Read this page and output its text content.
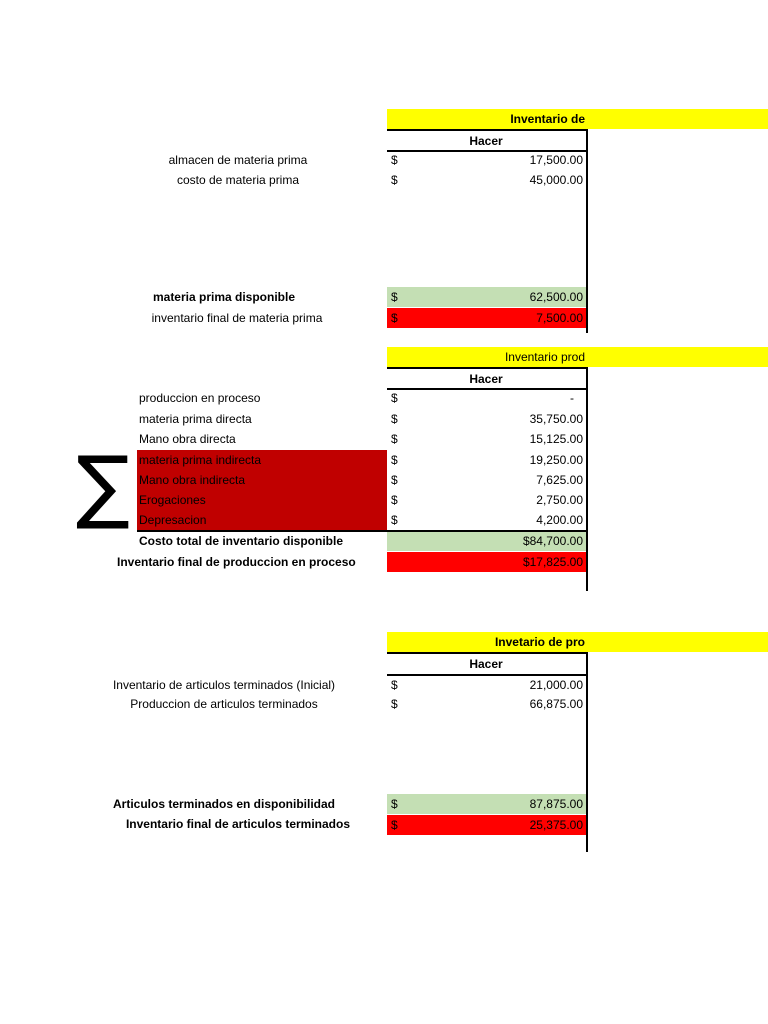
Inventario de
Hacer
almacen de materia prima	$	17,500.00
costo de materia prima	$	45,000.00
materia prima disponible	$	62,500.00
inventario final de materia prima	$	7,500.00
Inventario prod
Hacer
∑
produccion en proceso	$	-
materia prima directa	$	35,750.00
Mano obra directa	$	15,125.00
materia prima indirecta	$	19,250.00
Mano obra indirecta	$	7,625.00
Erogaciones	$	2,750.00
Depresacion	$	4,200.00
Costo total de inventario disponible	$84,700.00
Inventario final de produccion en proceso	$17,825.00
Invetario de pro
Hacer
Inventario de articulos terminados (Inicial)	$	21,000.00
Produccion de articulos terminados	$	66,875.00
Articulos terminados en disponibilidad	$	87,875.00
Inventario final de articulos terminados	$	25,375.00
